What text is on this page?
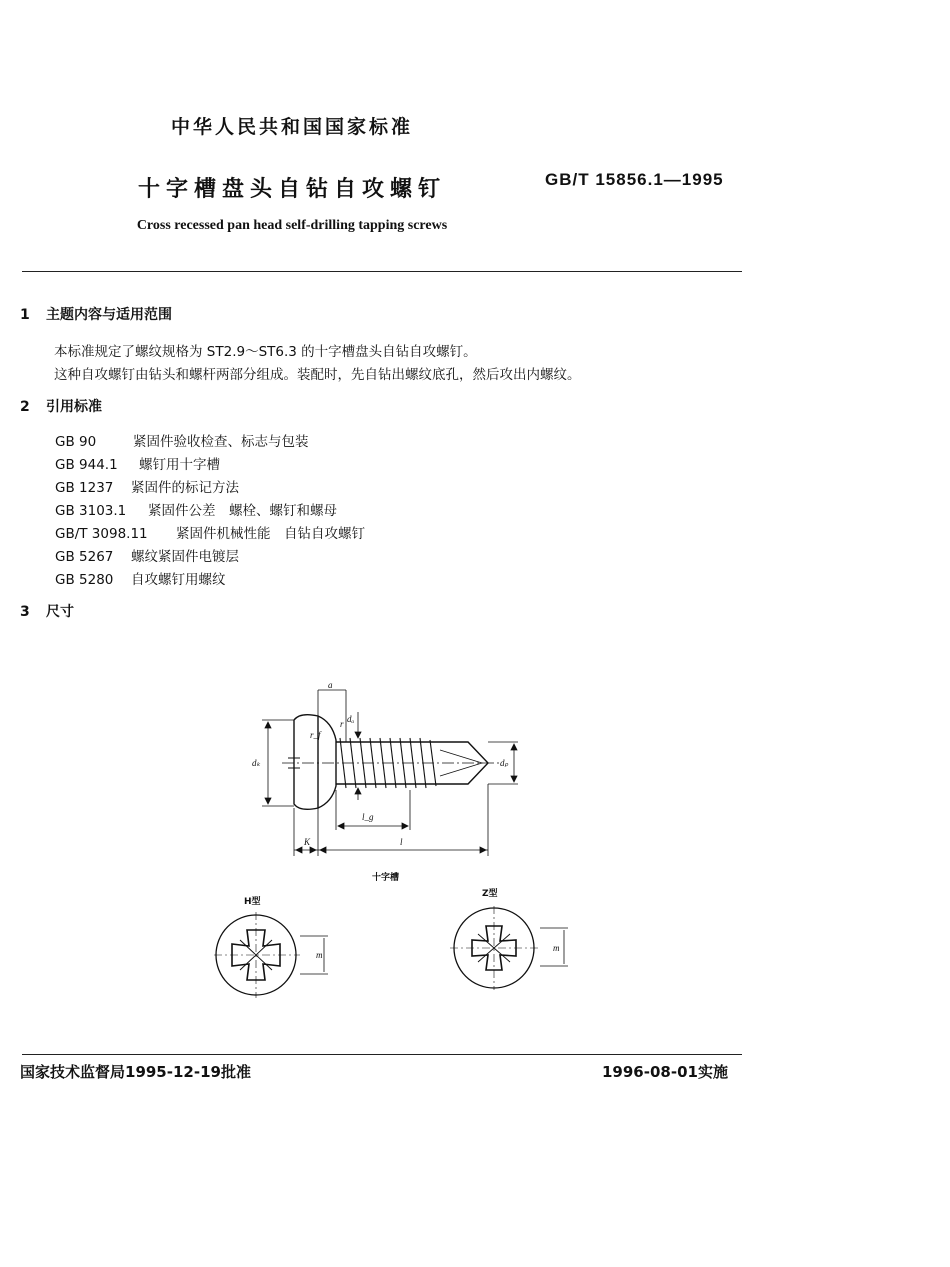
中华人民共和国国家标准
十字槽盘头自钻自攻螺钉	GB/T 15856.1—1995
Cross recessed pan head self-drilling tapping screws
1 主题内容与适用范围
本标准规定了螺纹规格为 ST2.9～ST6.3 的十字槽盘头自钻自攻螺钉。
这种自攻螺钉由钻头和螺杆两部分组成。装配时，先自钻出螺纹底孔，然后攻出内螺纹。
2 引用标准
GB 90	紧固件验收检查、标志与包装
GB 944.1 螺钉用十字槽
GB 1237 紧固件的标记方法
GB 3103.1 紧固件公差　螺栓、螺钉和螺母
GB/T 3098.11 紧固件机械性能　自钻自攻螺钉
GB 5267 螺纹紧固件电镀层
GB 5280 自攻螺钉用螺纹
3 尺寸
a
dₐ
r
r_f
dₖ	dₚ
l_g
K	l
十字槽
H型
m
Z型
m
国家技术监督局1995-12-19批准	1996-08-01实施
